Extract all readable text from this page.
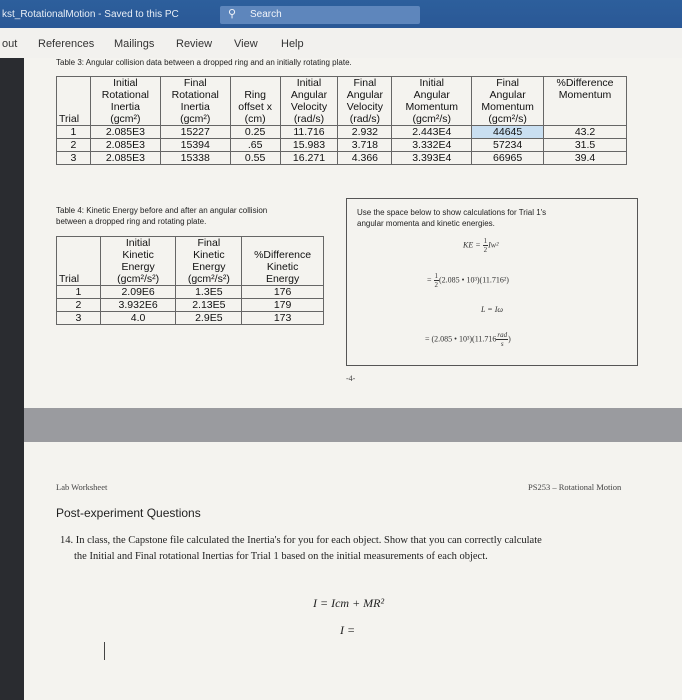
kst_RotationalMotion - Saved to this PC	⚲ Search
out References Mailings Review View Help
Table 3: Angular collision data between a dropped ring and an initially rotating plate.
	Initial	Final		Initial	Final	Initial	Final	%Difference
	Rotational	Rotational	Ring	Angular	Angular	Angular	Angular	Momentum
	Inertia	Inertia	offset x	Velocity	Velocity	Momentum	Momentum	
Trial	(gcm²)	(gcm²)	(cm)	(rad/s)	(rad/s)	(gcm²/s)	(gcm²/s)	
1	2.085E3	15227	0.25	11.716	2.932	2.443E4	44645	43.2
2	2.085E3	15394	.65	15.983	3.718	3.332E4	57234	31.5
3	2.085E3	15338	0.55	16.271	4.366	3.393E4	66965	39.4
Table 4: Kinetic Energy before and after an angular collision
between a dropped ring and rotating plate.
	Initial	Final	
	Kinetic	Kinetic	%Difference
	Energy	Energy	Kinetic
Trial	(gcm²/s²)	(gcm²/s²)	Energy
1	2.09E6	1.3E5	176
2	3.932E6	2.13E5	179
3	4.0	2.9E5	173
Use the space below to show calculations for Trial 1's
angular momenta and kinetic energies.
KE = $\frac{1}{2} Iw^2$
= $\frac{1}{2} (2.085$ • 10³)(11.716²)
L = Iω
= (2.085 • $10^3)(11.716 \frac{\text{rad}}{s}$ )
-4-
Lab Worksheet	PS253 – Rotational Motion
Post-experiment Questions
14. In class, the Capstone file calculated the Inertia's for you for each object. Show that you can correctly calculate
the Initial and Final rotational Inertias for Trial 1 based on the initial measurements of each object.
I = Icm + MR²
I =
